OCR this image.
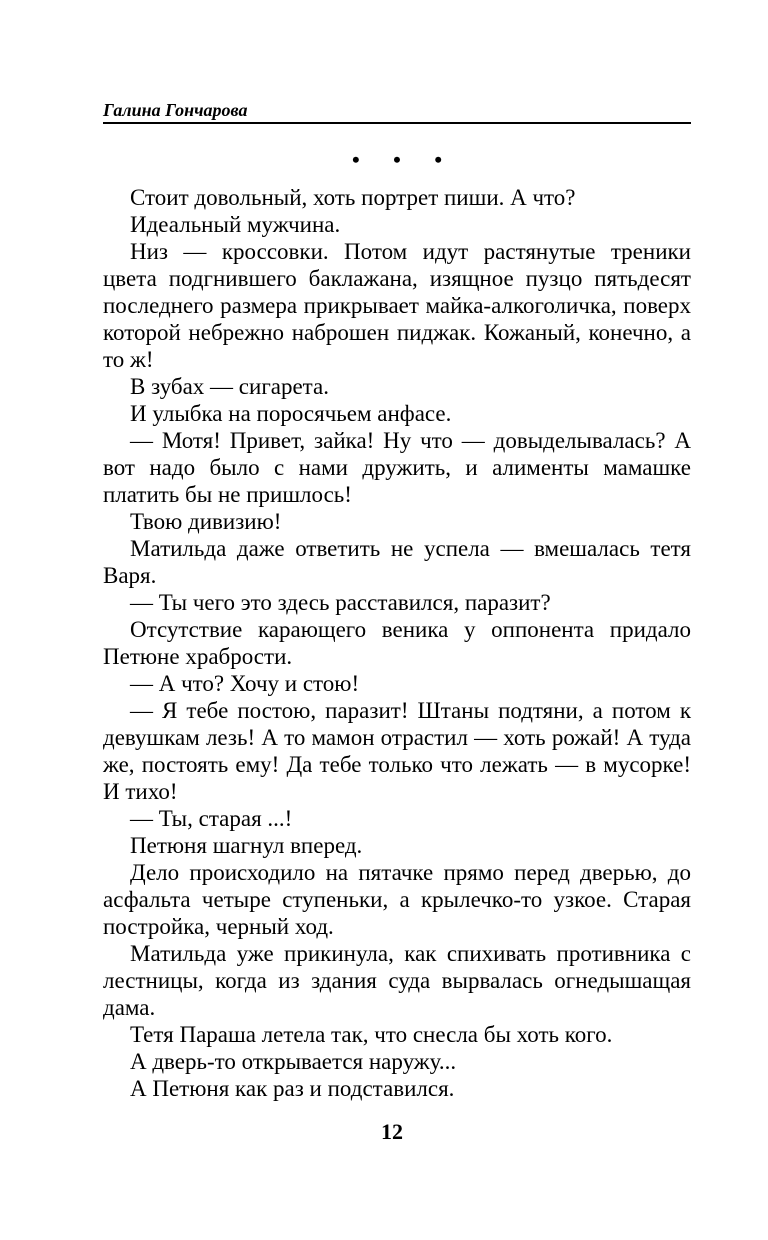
Галина Гончарова
• • •

Стоит довольный, хоть портрет пиши. А что?

Идеальный мужчина.

Низ — кроссовки. Потом идут растянутые треники цвета подгнившего баклажана, изящное пузцо пятьдесят последнего размера прикрывает майка-алкоголичка, поверх которой небрежно наброшен пиджак. Кожаный, конечно, а то ж!

В зубах — сигарета.

И улыбка на поросячьем анфасе.

— Мотя! Привет, зайка! Ну что — довыделывалась? А вот надо было с нами дружить, и алименты мамашке платить бы не пришлось!

Твою дивизию!

Матильда даже ответить не успела — вмешалась тетя Варя.

— Ты чего это здесь расставился, паразит?

Отсутствие карающего веника у оппонента придало Петюне храбрости.

— А что? Хочу и стою!

— Я тебе постою, паразит! Штаны подтяни, а потом к девушкам лезь! А то мамон отрастил — хоть рожай! А туда же, постоять ему! Да тебе только что лежать — в мусорке! И тихо!

— Ты, старая ...!

Петюня шагнул вперед.

Дело происходило на пятачке прямо перед дверью, до асфальта четыре ступеньки, а крылечко-то узкое. Старая постройка, черный ход.

Матильда уже прикинула, как спихивать противника с лестницы, когда из здания суда вырвалась огнедышащая дама.

Тетя Параша летела так, что снесла бы хоть кого.

А дверь-то открывается наружу...

А Петюня как раз и подставился.

12
